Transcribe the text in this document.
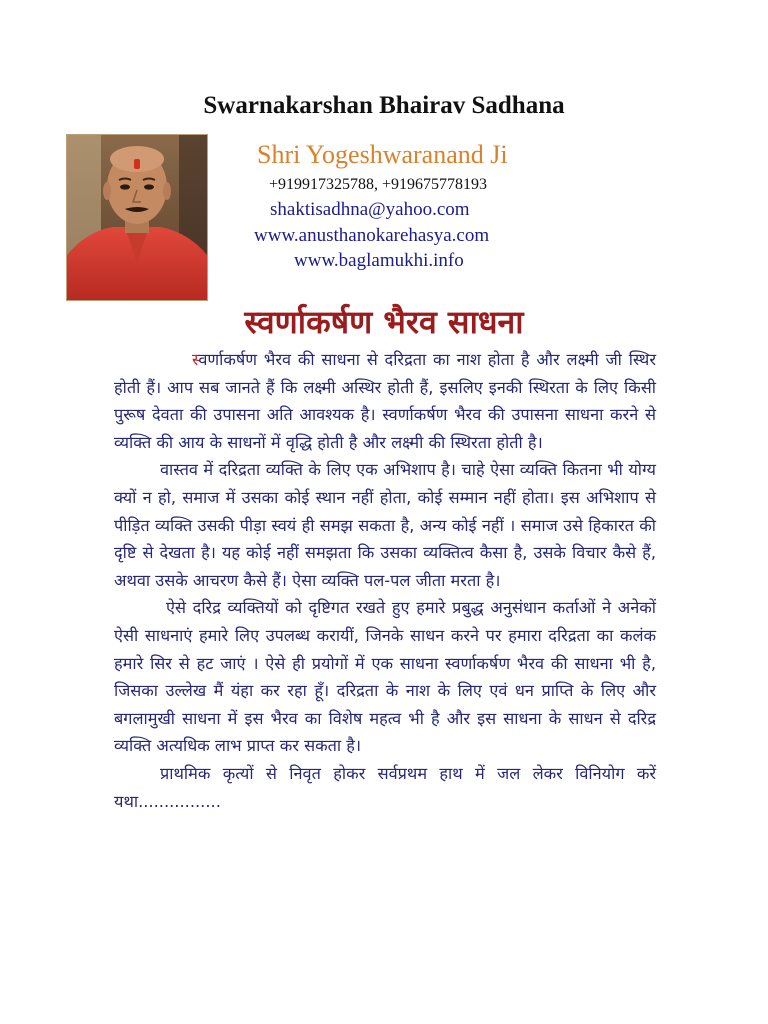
Swarnakarshan Bhairav Sadhana
Shri Yogeshwaranand Ji
+919917325788, +919675778193
shaktisadhna@yahoo.com
www.anusthanokarehasya.com
www.baglamukhi.info
स्वर्णाकर्षण भैरव साधना

स्वर्णाकर्षण भैरव की साधना से दरिद्रता का नाश होता है और लक्ष्मी जी स्थिर होती हैं। आप सब जानते हैं कि लक्ष्मी अस्थिर होती हैं, इसलिए इनकी स्थिरता के लिए किसी पुरूष देवता की उपासना अति आवश्यक है। स्वर्णाकर्षण भैरव की उपासना साधना करने से व्यक्ति की आय के साधनों में वृद्धि होती है और लक्ष्मी की स्थिरता होती है।

वास्तव में दरिद्रता व्यक्ति के लिए एक अभिशाप है। चाहे ऐसा व्यक्ति कितना भी योग्य क्यों न हो, समाज में उसका कोई स्थान नहीं होता, कोई सम्मान नहीं होता। इस अभिशाप से पीड़ित व्यक्ति उसकी पीड़ा स्वयं ही समझ सकता है, अन्य कोई नहीं । समाज उसे हिकारत की दृष्टि से देखता है। यह कोई नहीं समझता कि उसका व्यक्तित्व कैसा है, उसके विचार कैसे हैं, अथवा उसके आचरण कैसे हैं। ऐसा व्यक्ति पल-पल जीता मरता है।

ऐसे दरिद्र व्यक्तियों को दृष्टिगत रखते हुए हमारे प्रबुद्ध अनुसंधान कर्ताओं ने अनेकों ऐसी साधनाएं हमारे लिए उपलब्ध करायीं, जिनके साधन करने पर हमारा दरिद्रता का कलंक हमारे सिर से हट जाएं । ऐसे ही प्रयोगों में एक साधना स्वर्णाकर्षण भैरव की साधना भी है, जिसका उल्लेख मैं यंहा कर रहा हूँ। दरिद्रता के नाश के लिए एवं धन प्राप्ति के लिए और बगलामुखी साधना में इस भैरव का विशेष महत्व भी है और इस साधना के साधन से दरिद्र व्यक्ति अत्यधिक लाभ प्राप्त कर सकता है।

प्राथमिक कृत्यों से निवृत होकर सर्वप्रथम हाथ में जल लेकर विनियोग करें यथा................
